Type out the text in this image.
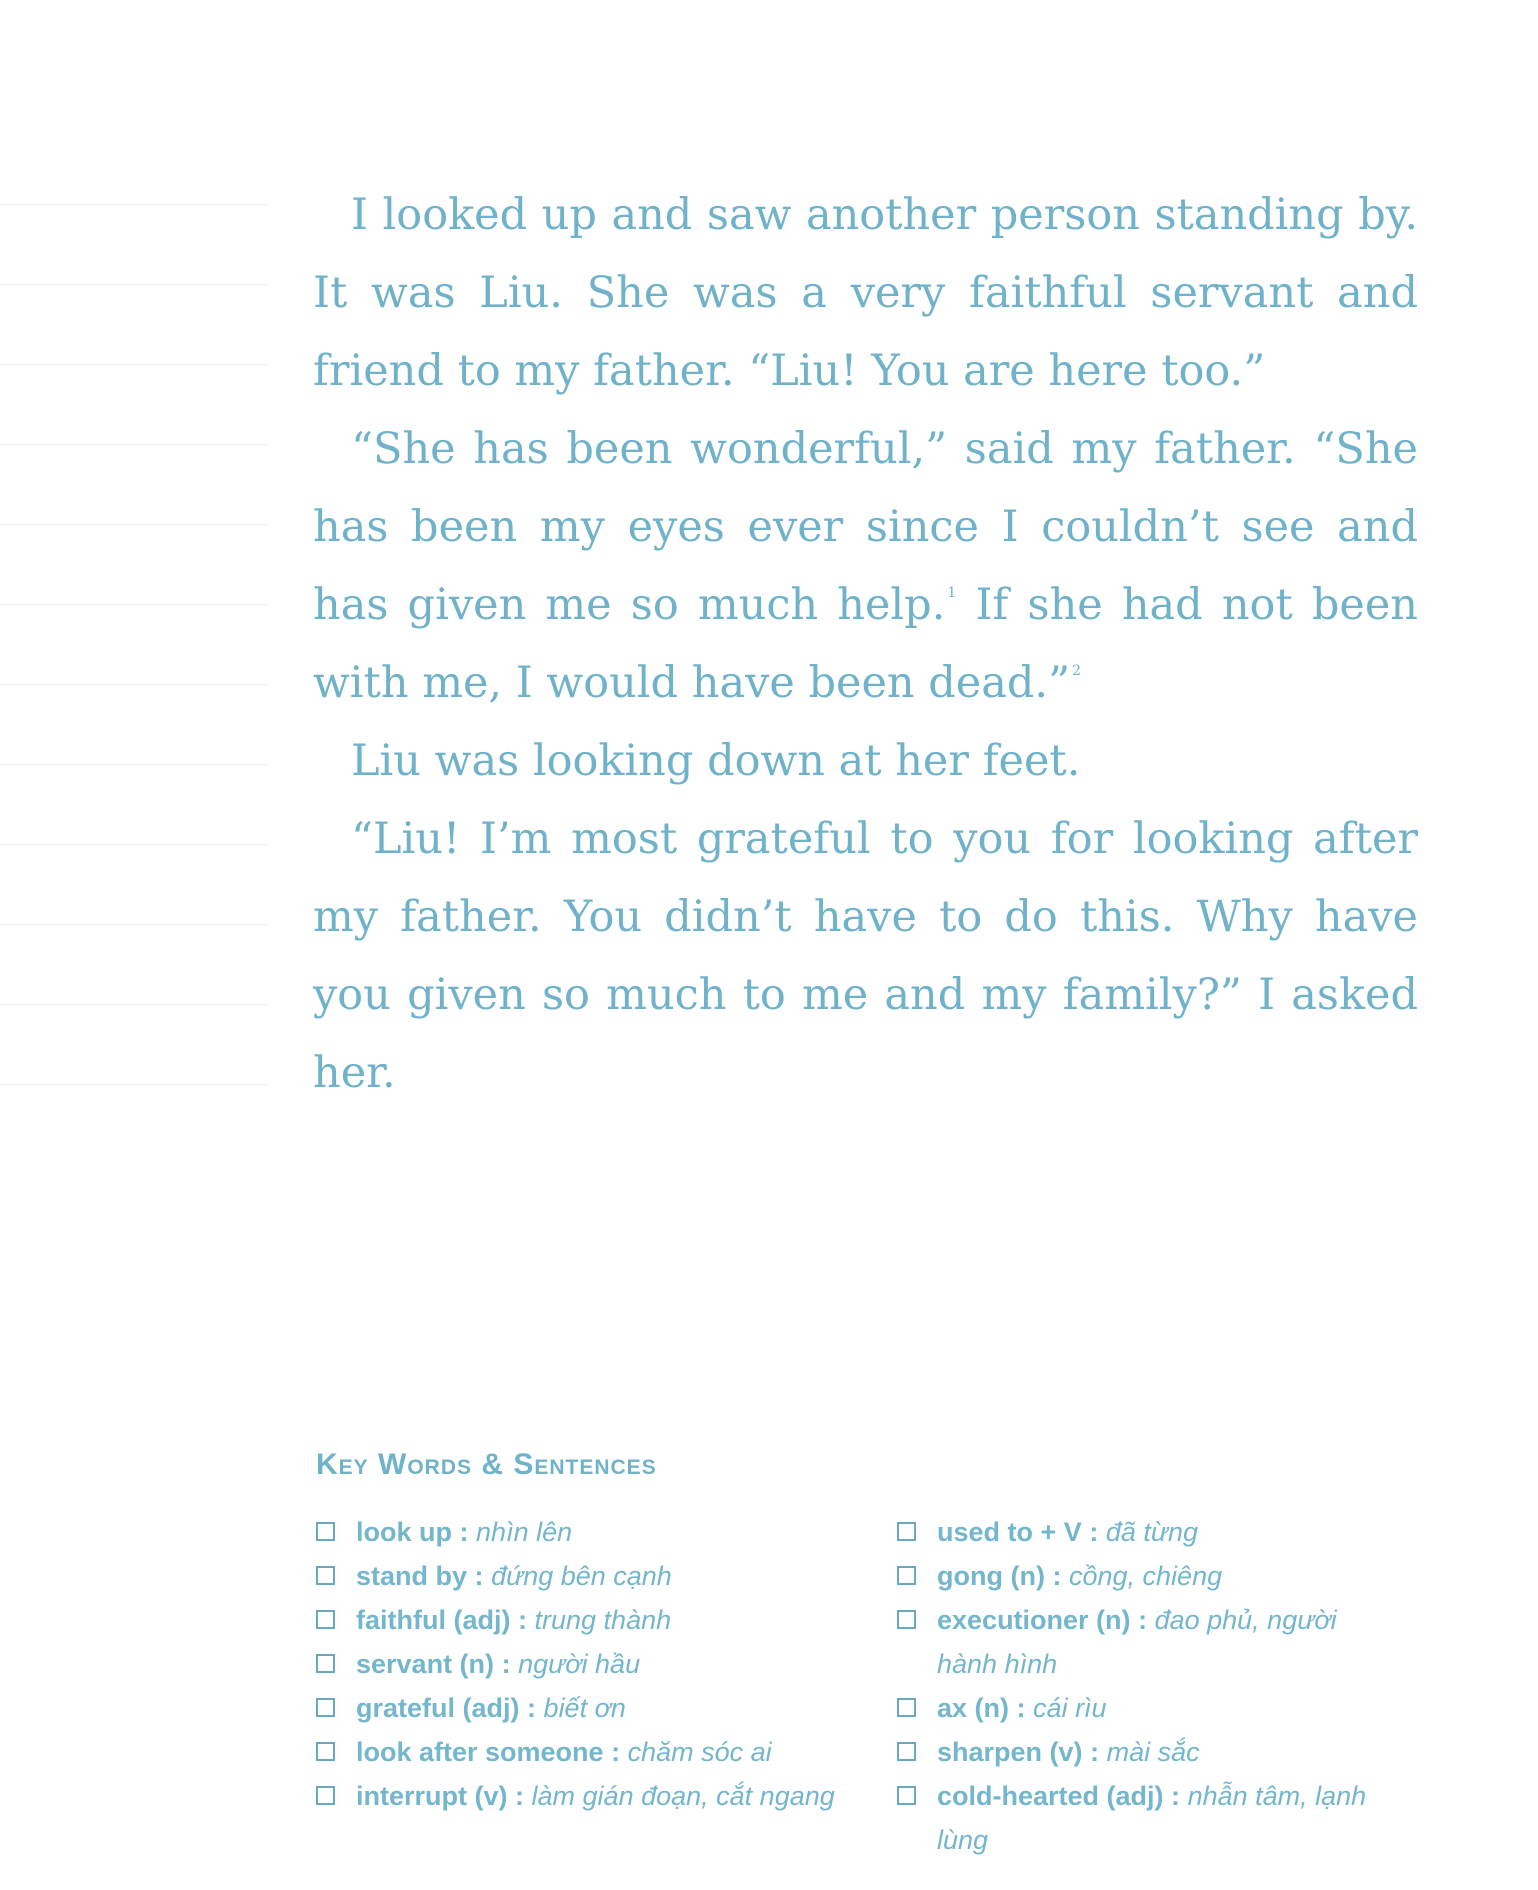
I looked up and saw another person standing by. It was Liu. She was a very faithful servant and friend to my father. “Liu! You are here too.”

“She has been wonderful,” said my father. “She has been my eyes ever since I couldn’t see and has given me so much help. $^1$ If she had not been with me, I would have been dead.” $^2$

Liu was looking down at her feet.

“Liu! I’m most grateful to you for looking after my father. You didn’t have to do this. Why have you given so much to me and my family?” I asked her.

Key Words & Sentences
look up : nhìn lên
stand by : đứng bên cạnh
faithful (adj) : trung thành
servant (n) : người hầu
grateful (adj) : biết ơn
look after someone : chăm sóc ai
interrupt (v) : làm gián đoạn, cắt ngang
used to + V : đã từng
gong (n) : cồng, chiêng
executioner (n) : đao phủ, người hành hình
ax (n) : cái rìu
sharpen (v) : mài sắc
cold-hearted (adj) : nhẫn tâm, lạnh lùng
